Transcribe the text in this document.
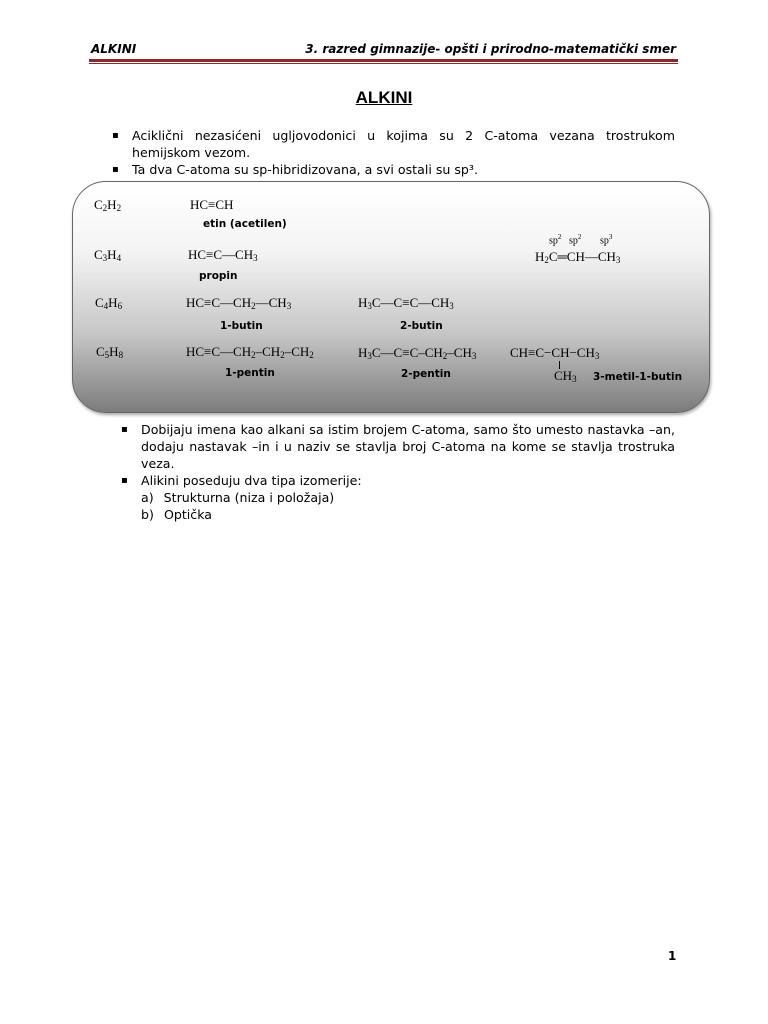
ALKINI	3. razred gimnazije- opšti i prirodno-matematički smer
ALKINI
▪ Aciklični nezasićeni ugljovodonici u kojima su 2 C-atoma vezana trostrukom hemijskom vezom.
▪ Ta dva C-atoma su sp-hibridizovana, a svi ostali su sp³.
$C_2H_2$	HC≡CH
etin (acetilen)
$C_3H_4$	$HC\equiv C—CH_3$
propin
$sp^2$ $sp^2$ $sp^3$
$H_2C═CH—CH_3$
$C_4H_6$	$HC\equiv C—CH_2—CH_3$
1-butin
$H_3C—C\equiv C—CH_3$
2-butin
$C_5H_8$	$HC\equiv C—CH_2-CH_2-CH_2$
1-pentin
$H_3C—C\equiv C-CH_2-CH_3$
2-pentin
$CH\equiv C-CH-CH_3$
$CH_3$ 3-metil-1-butin
▪ Dobijaju imena kao alkani sa istim brojem C-atoma, samo što umesto nastavka –an, dodaju nastavak –in i u naziv se stavlja broj C-atoma na kome se stavlja trostruka veza.
▪ Alikini poseduju dva tipa izomerije:
a) Strukturna (niza i položaja)
b) Optička
1
